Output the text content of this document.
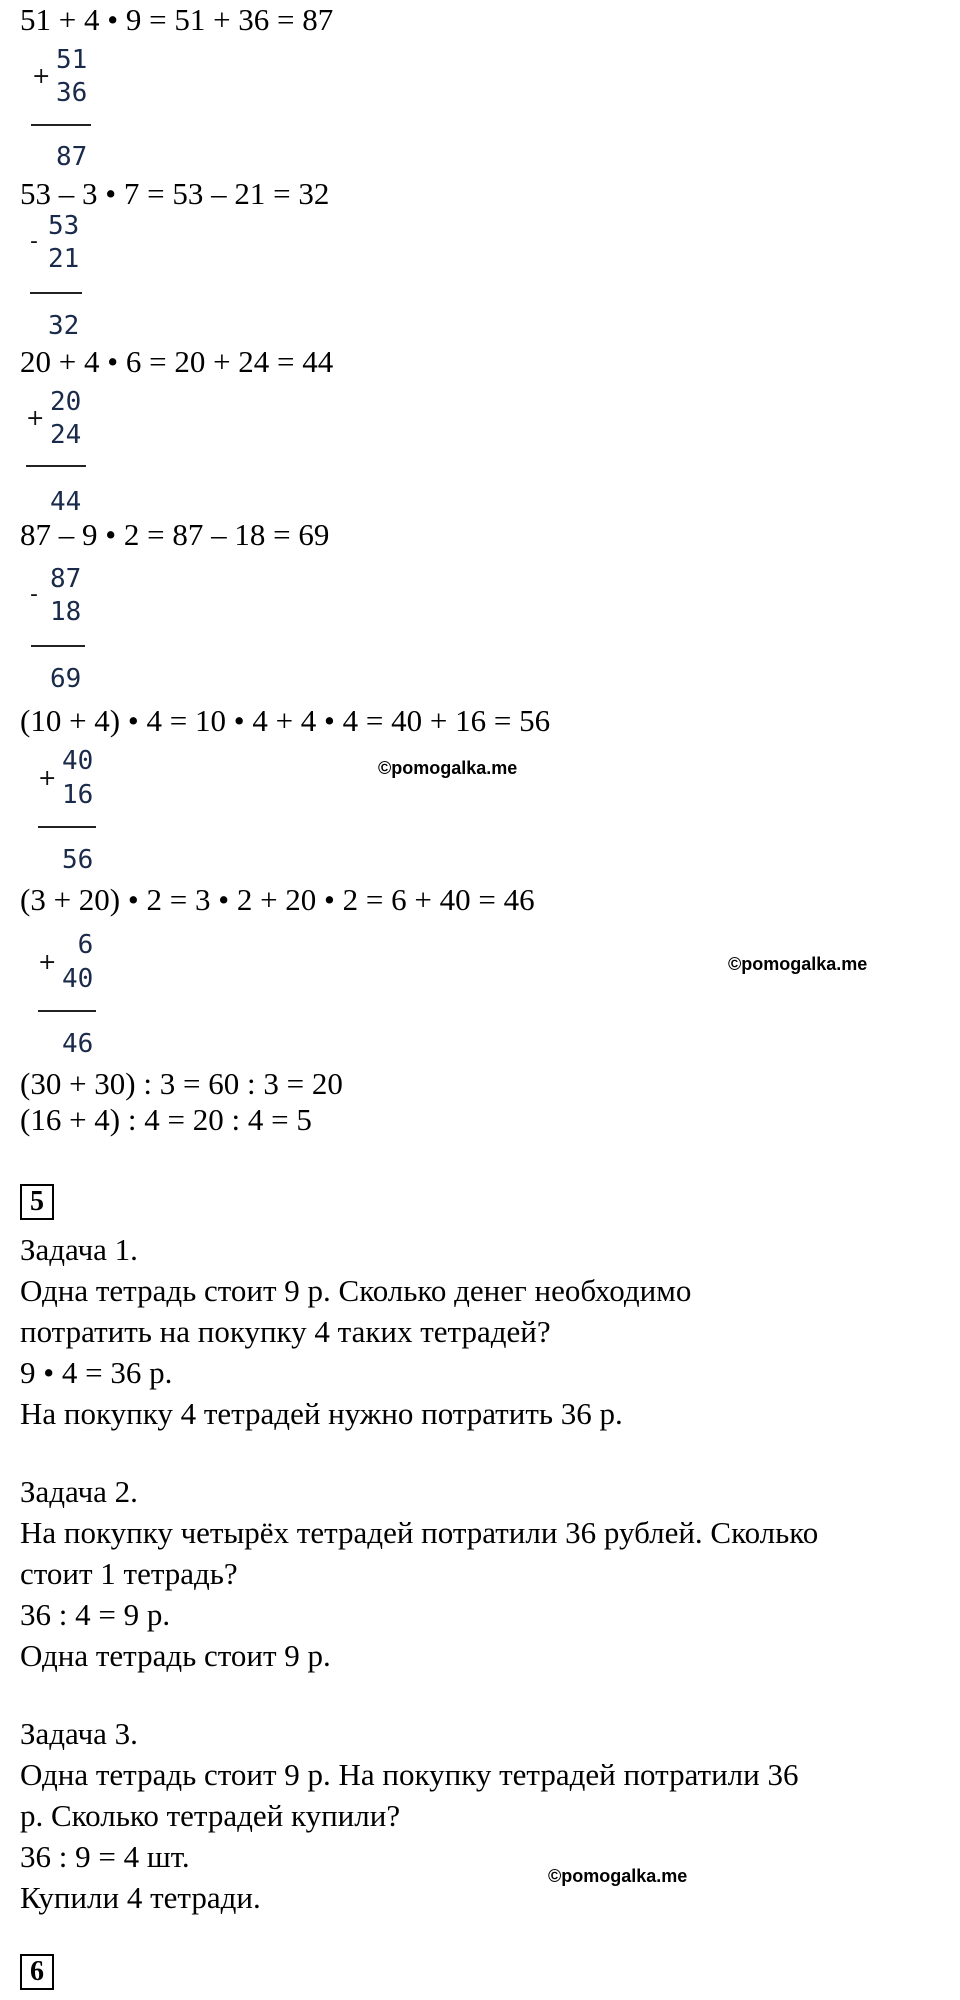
51 + 4 • 9 = 51 + 36 = 87
+
51
36
87
53 – 3 • 7 = 53 – 21 = 32
-
53
21
32
20 + 4 • 6 = 20 + 24 = 44
+
20
24
44
87 – 9 • 2 = 87 – 18 = 69
-
87
18
69
(10 + 4) • 4 = 10 • 4 + 4 • 4 = 40 + 16 = 56
+
40
16
56
©pomogalka.me
(3 + 20) • 2 = 3 • 2 + 20 • 2 = 6 + 40 = 46
+
6
40
46
©pomogalka.me
(30 + 30) : 3 = 60 : 3 = 20
(16 + 4) : 4 = 20 : 4 = 5
5
Задача 1.
Одна тетрадь стоит 9 р. Сколько денег необходимо
потратить на покупку 4 таких тетрадей?
9 • 4 = 36 р.
На покупку 4 тетрадей нужно потратить 36 р.
Задача 2.
На покупку четырёх тетрадей потратили 36 рублей. Сколько
стоит 1 тетрадь?
36 : 4 = 9 р.
Одна тетрадь стоит 9 р.
Задача 3.
Одна тетрадь стоит 9 р. На покупку тетрадей потратили 36
р. Сколько тетрадей купили?
36 : 9 = 4 шт.
©pomogalka.me
Купили 4 тетради.
6
